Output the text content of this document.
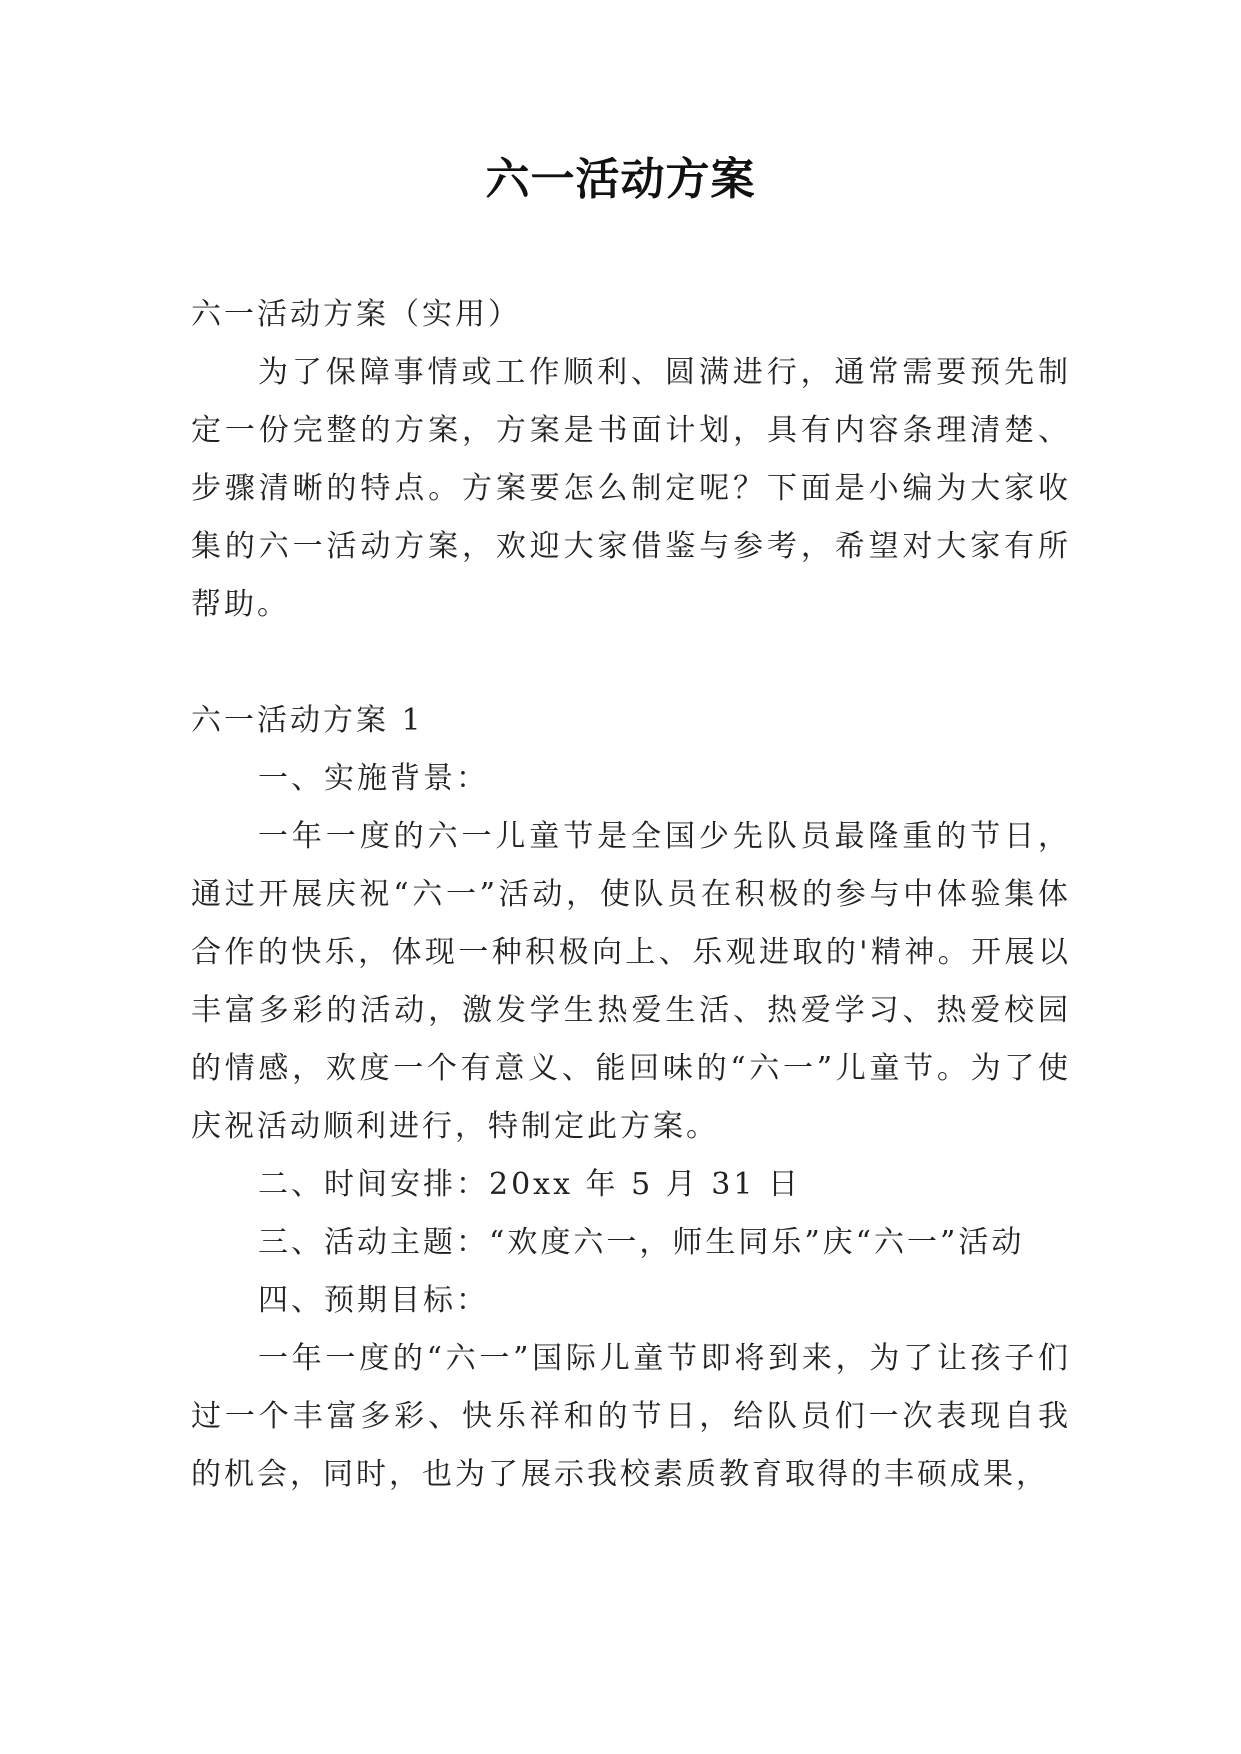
六一活动方案
六一活动方案（实用）

为了保障事情或工作顺利、圆满进行，通常需要预先制定一份完整的方案，方案是书面计划，具有内容条理清楚、步骤清晰的特点。方案要怎么制定呢？下面是小编为大家收集的六一活动方案，欢迎大家借鉴与参考，希望对大家有所帮助。

六一活动方案 1

一、实施背景：

一年一度的六一儿童节是全国少先队员最隆重的节日，通过开展庆祝“六一”活动，使队员在积极的参与中体验集体合作的快乐，体现一种积极向上、乐观进取的'精神。开展以丰富多彩的活动，激发学生热爱生活、热爱学习、热爱校园的情感，欢度一个有意义、能回味的“六一”儿童节。为了使庆祝活动顺利进行，特制定此方案。

二、时间安排：20xx 年 5 月 31 日

三、活动主题：“欢度六一，师生同乐”庆“六一”活动

四、预期目标：

一年一度的“六一”国际儿童节即将到来，为了让孩子们过一个丰富多彩、快乐祥和的节日，给队员们一次表现自我的机会，同时，也为了展示我校素质教育取得的丰硕成果，
